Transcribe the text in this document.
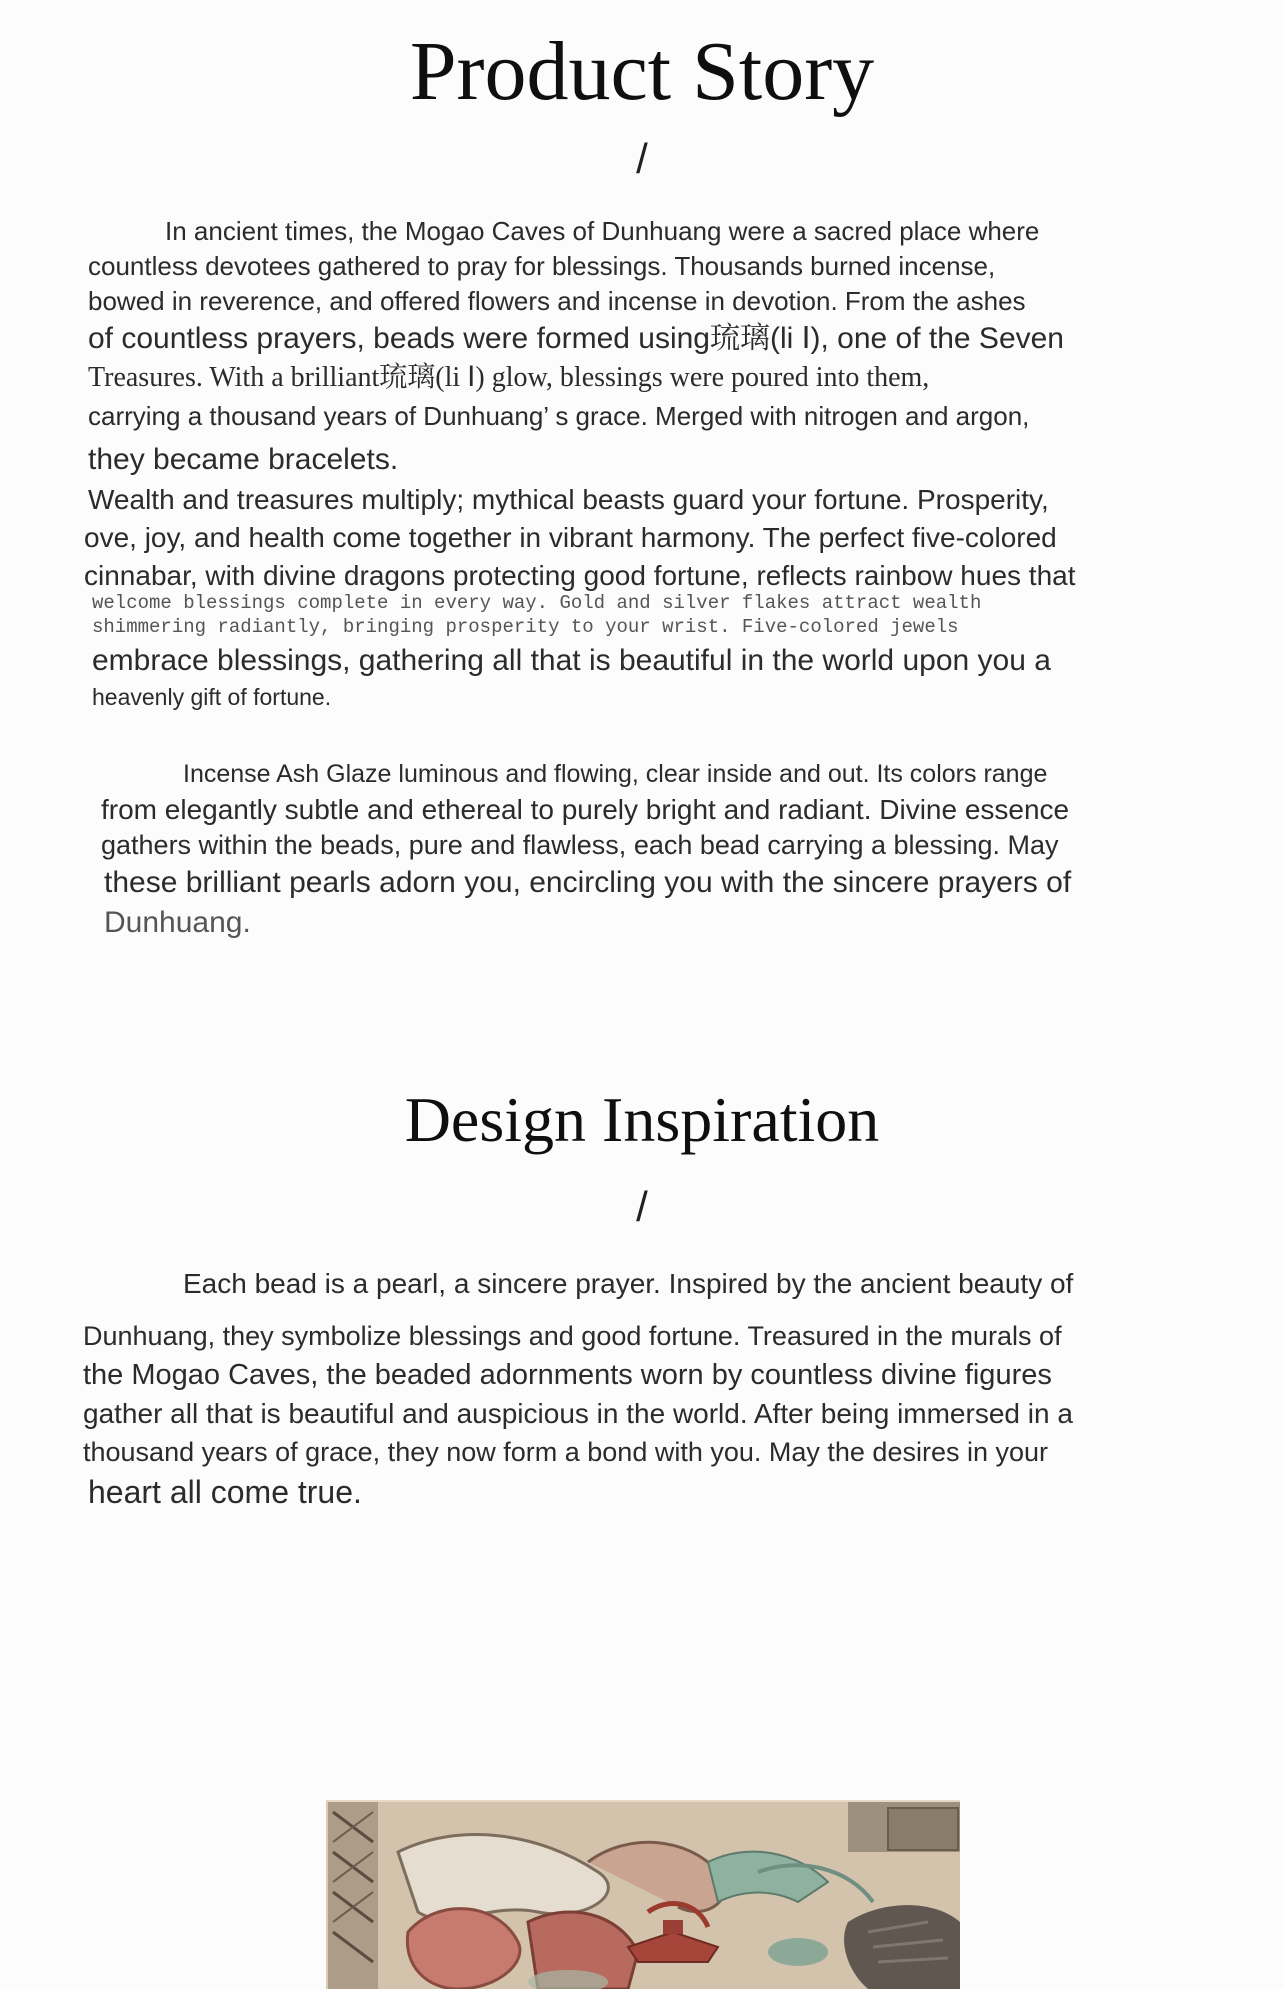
Product Story
/
In ancient times, the Mogao Caves of Dunhuang were a sacred place where
countless devotees gathered to pray for blessings. Thousands burned incense,
bowed in reverence, and offered flowers and incense in devotion. From the ashes
of countless prayers, beads were formed using琉璃(li Ⅰ), one of the Seven
Treasures. With a brilliant琉璃(li Ⅰ) glow, blessings were poured into them,
carrying a thousand years of Dunhuang’ s grace. Merged with nitrogen and argon,
they became bracelets.
Wealth and treasures multiply; mythical beasts guard your fortune. Prosperity,
ove, joy, and health come together in vibrant harmony. The perfect five-colored
cinnabar, with divine dragons protecting good fortune, reflects rainbow hues that
welcome blessings complete in every way. Gold and silver flakes attract wealth
shimmering radiantly, bringing prosperity to your wrist. Five-colored jewels
embrace blessings, gathering all that is beautiful in the world upon you a
heavenly gift of fortune.
Incense Ash Glaze luminous and flowing, clear inside and out. Its colors range
from elegantly subtle and ethereal to purely bright and radiant. Divine essence
gathers within the beads, pure and flawless, each bead carrying a blessing. May
these brilliant pearls adorn you, encircling you with the sincere prayers of
Dunhuang.
Design Inspiration
/
Each bead is a pearl, a sincere prayer. Inspired by the ancient beauty of
Dunhuang, they symbolize blessings and good fortune. Treasured in the murals of
the Mogao Caves, the beaded adornments worn by countless divine figures
gather all that is beautiful and auspicious in the world. After being immersed in a
thousand years of grace, they now form a bond with you. May the desires in your
heart all come true.
